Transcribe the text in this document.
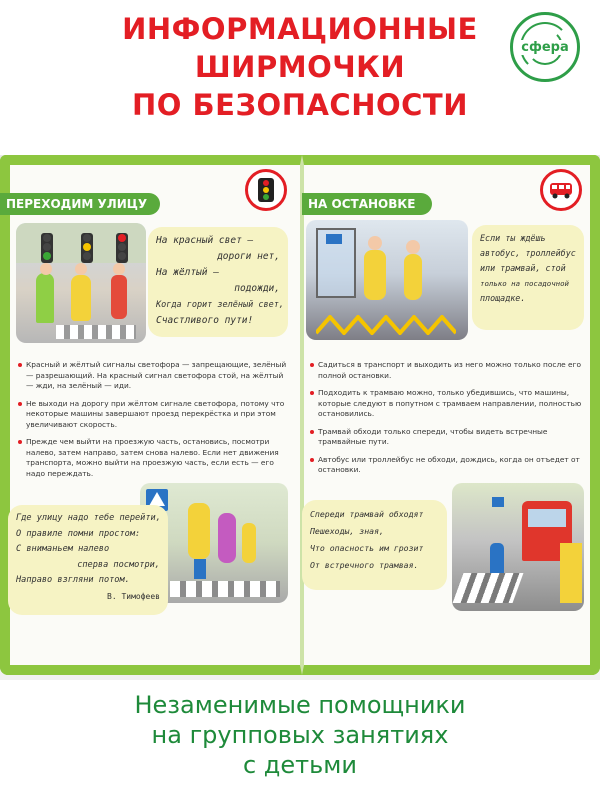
ИНФОРМАЦИОННЫЕ
ШИРМОЧКИ
ПО БЕЗОПАСНОСТИ
сфера
ПЕРЕХОДИМ УЛИЦУ
На красный свет —
дороги нет,
На жёлтый —
подожди,
Когда горит зелёный свет,
Счастливого пути!
Красный и жёлтый сигналы светофора — запрещающие, зелёный — разрешающий. На красный сигнал светофора стой, на жёлтый — жди, на зелёный — иди.
Не выходи на дорогу при жёлтом сигнале светофора, потому что некоторые машины завершают проезд перекрёстка и при этом увеличивают скорость.
Прежде чем выйти на проезжую часть, остановись, посмотри налево, затем направо, затем снова налево. Если нет движения транспорта, можно выйти на проезжую часть, если есть — его надо переждать.
Где улицу надо тебе перейти,
О правиле помни простом:
С вниманьем налево
сперва посмотри,
Направо взгляни потом.
В. Тимофеев
НА ОСТАНОВКЕ
Если ты ждёшь
автобус, троллейбус
или трамвай, стой
только на посадочной
площадке.
Садиться в транспорт и выходить из него можно только после его полной остановки.
Подходить к трамваю можно, только убедившись, что машины, которые следуют в попутном с трамваем направлении, полностью остановились.
Трамвай обходи только спереди, чтобы видеть встречные трамвайные пути.
Автобус или троллейбус не обходи, дождись, когда он отъедет от остановки.
Спереди трамвай обходят
Пешеходы, зная,
Что опасность им грозит
От встречного трамвая.
Незаменимые помощники
на групповых занятиях
с детьми
